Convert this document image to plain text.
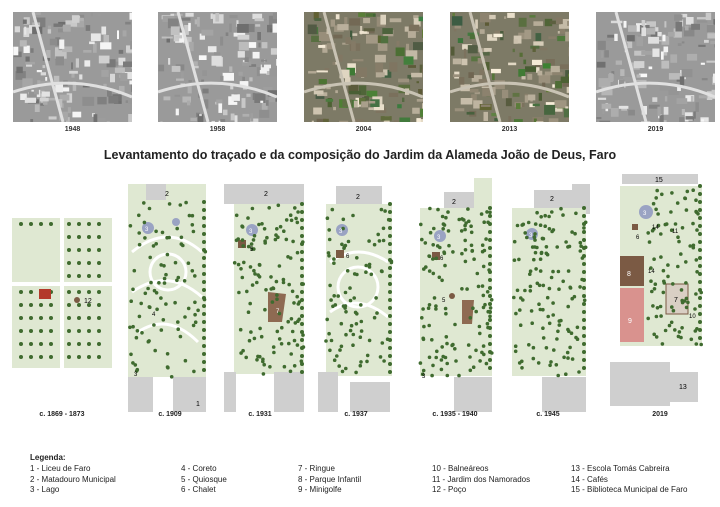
1948	1958	2004	2013	2019
Levantamento do traçado e da composição do Jardim da Alameda João de Deus, Faro
12
2
3
4
3
1
2
3
5
7
2
3
6
2
3
6
5
3
2
3
15
3
14
11
6
8	14
7
10
9
13
c. 1869 - 1873	c. 1909	c. 1931	c. 1937	c. 1935 - 1940	c. 1945	2019
Legenda:
1 - Liceu de Faro
2 - Matadouro Municipal
3 - Lago
4 - Coreto
5 - Quiosque
6 - Chalet
7 - Ringue
8 - Parque Infantil
9 - Minigolfe
10 - Balneáreos
11 - Jardim dos Namorados
12 - Poço
13 - Escola Tomás Cabreira
14 - Cafés
15 - Biblioteca Municipal de Faro
